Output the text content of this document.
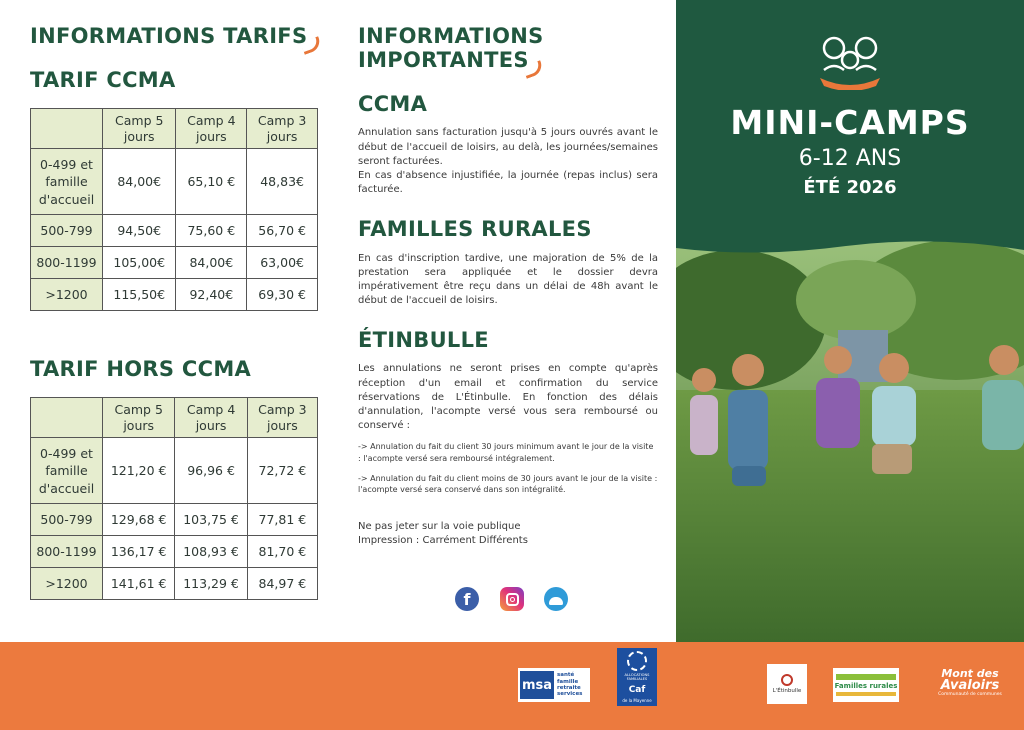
INFORMATIONS TARIFS
TARIF CCMA
	Camp 5 jours	Camp 4 jours	Camp 3 jours
0-499 et famille d'accueil	84,00€	65,10 €	48,83€
500-799	94,50€	75,60 €	56,70 €
800-1199	105,00€	84,00€	63,00€
>1200	115,50€	92,40€	69,30 €
TARIF HORS CCMA
	Camp 5 jours	Camp 4 jours	Camp 3 jours
0-499 et famille d'accueil	121,20 €	96,96 €	72,72 €
500-799	129,68 €	103,75 €	77,81 €
800-1199	136,17 €	108,93 €	81,70 €
>1200	141,61 €	113,29 €	84,97 €
INFORMATIONS
IMPORTANTES
CCMA

Annulation sans facturation jusqu'à 5 jours ouvrés avant le début de l'accueil de loisirs, au delà, les journées/semaines seront facturées.

En cas d'absence injustifiée, la journée (repas inclus) sera facturée.

FAMILLES RURALES

En cas d'inscription tardive, une majoration de 5% de la prestation sera appliquée et le dossier devra impérativement être reçu dans un délai de 48h avant le début de l'accueil de loisirs.

ÉTINBULLE

Les annulations ne seront prises en compte qu'après réception d'un email et confirmation du service réservations de L'Étinbulle. En fonction des délais d'annulation, l'acompte versé vous sera remboursé ou conservé :

-> Annulation du fait du client 30 jours minimum avant le jour de la visite : l'acompte versé sera remboursé intégralement.

-> Annulation du fait du client moins de 30 jours avant le jour de la visite : l'acompte versé sera conservé dans son intégralité.

Ne pas jeter sur la voie publique

Impression : Carrément Différents

f
MINI-CAMPS
6-12 ANS
ÉTÉ 2026
msa
santé
famille
retraite
services
ALLOCATIONS FAMILIALES
Caf
de la Mayenne
L'Étinbulle
Familles rurales
Mont des
Avaloirs
Communauté de communes
